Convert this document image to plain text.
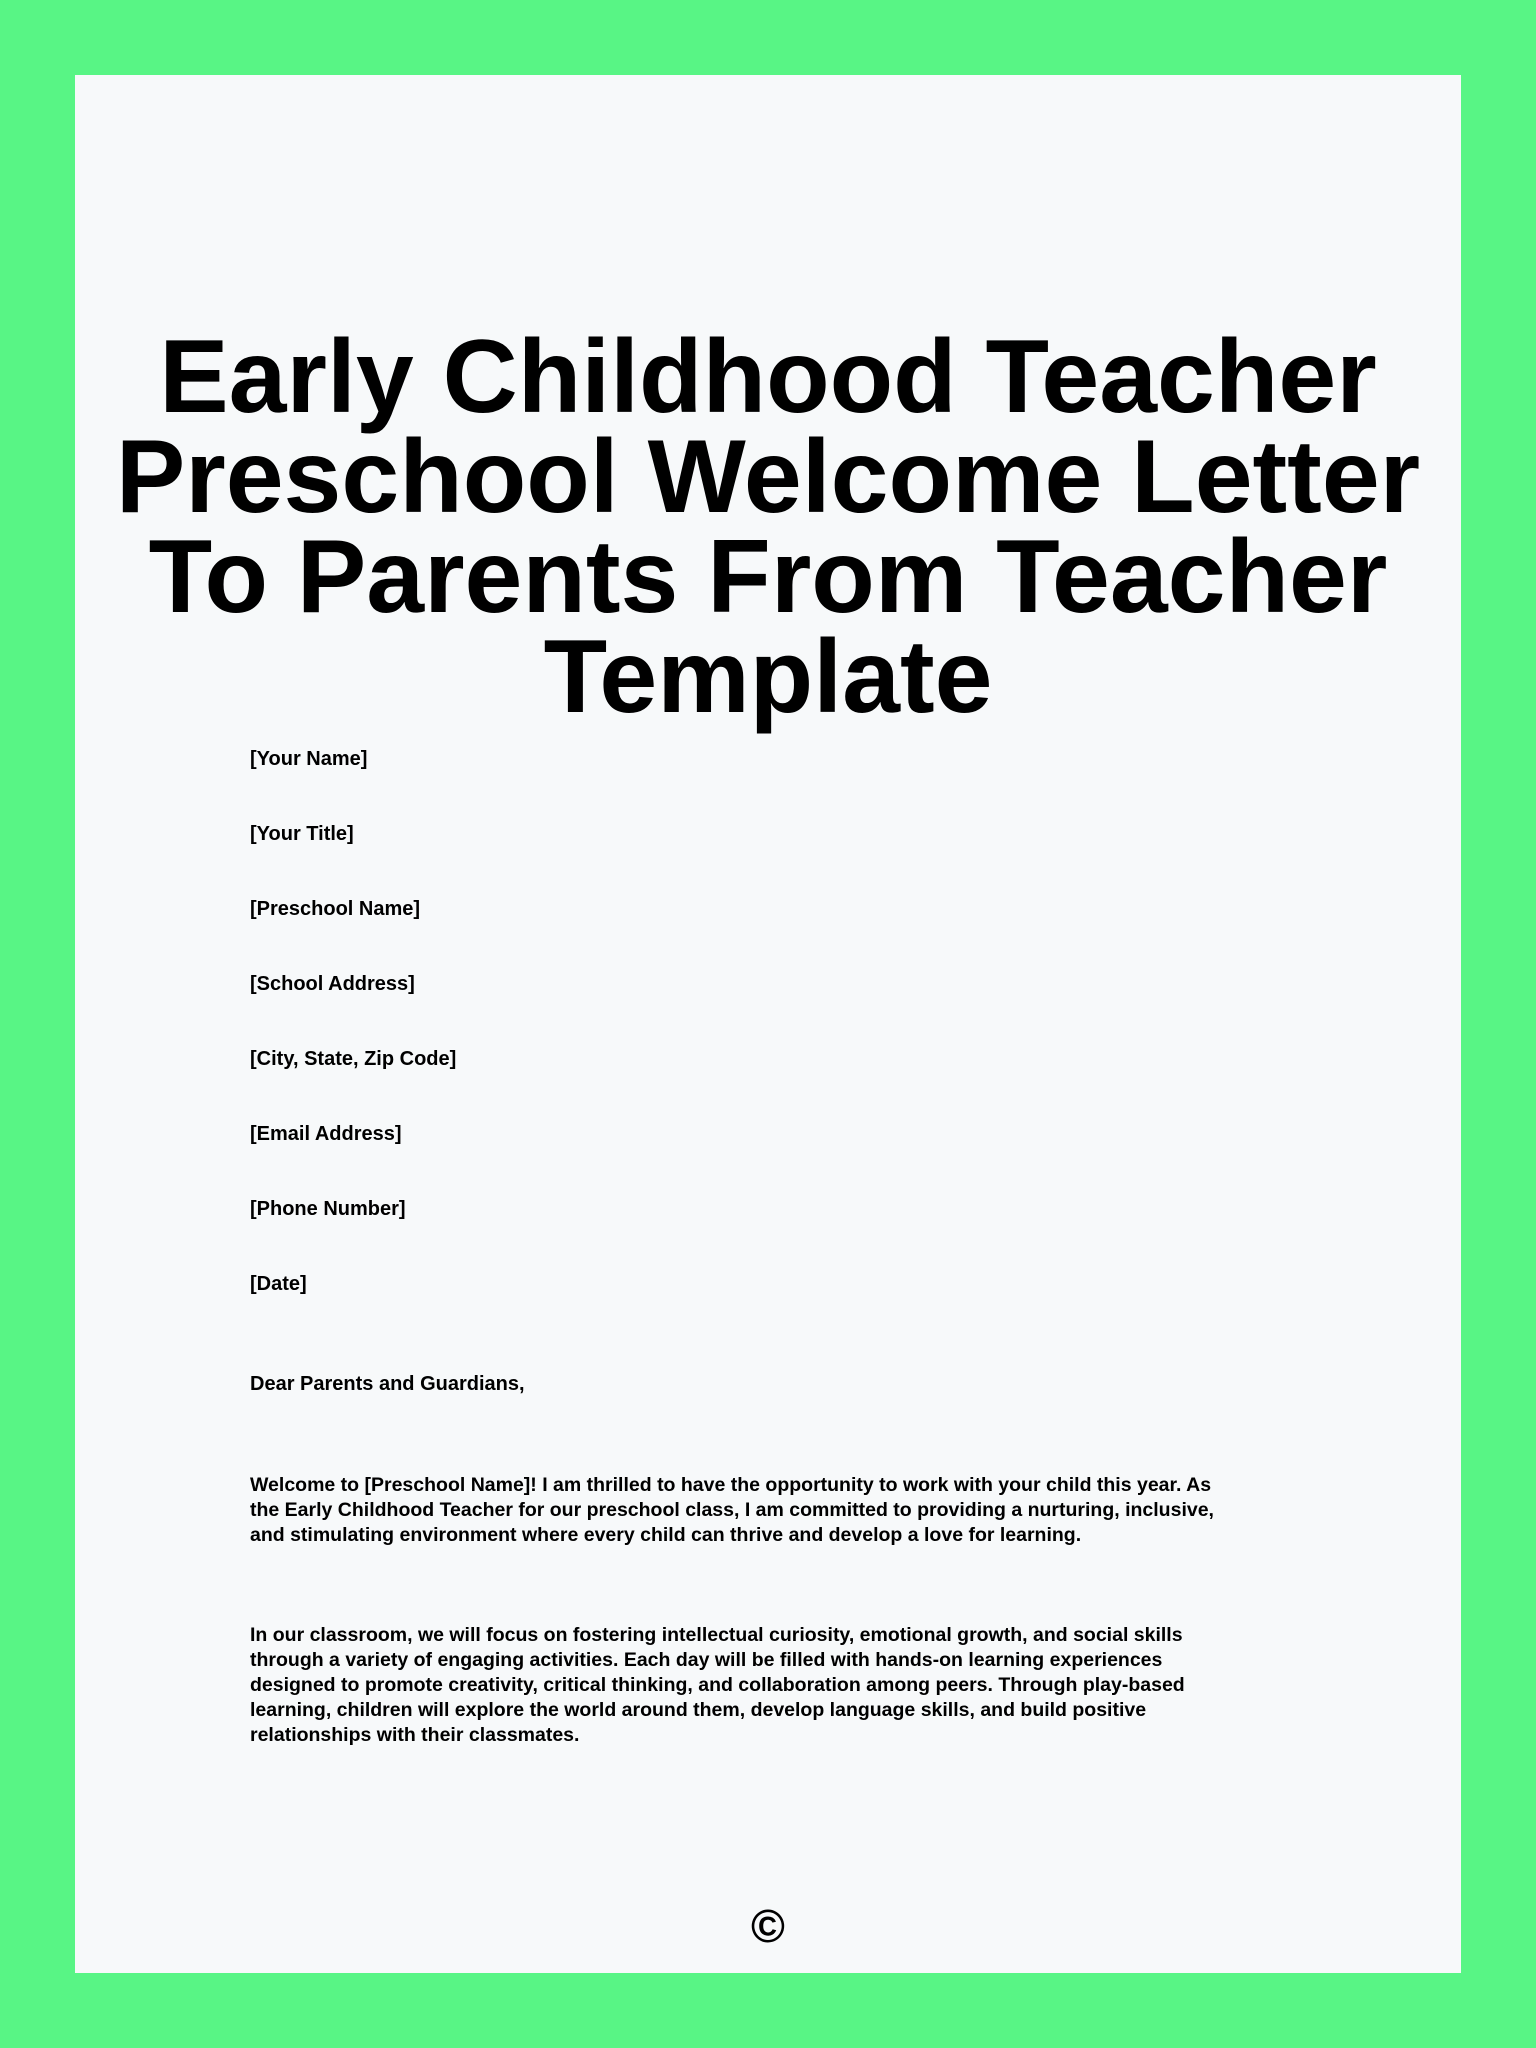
Early Childhood Teacher
Preschool Welcome Letter
To Parents From Teacher
Template
[Your Name]
[Your Title]
[Preschool Name]
[School Address]
[City, State, Zip Code]
[Email Address]
[Phone Number]
[Date]
Dear Parents and Guardians,
Welcome to [Preschool Name]! I am thrilled to have the opportunity to work with your child this year. As
the Early Childhood Teacher for our preschool class, I am committed to providing a nurturing, inclusive,
and stimulating environment where every child can thrive and develop a love for learning.
In our classroom, we will focus on fostering intellectual curiosity, emotional growth, and social skills
through a variety of engaging activities. Each day will be filled with hands-on learning experiences
designed to promote creativity, critical thinking, and collaboration among peers. Through play-based
learning, children will explore the world around them, develop language skills, and build positive
relationships with their classmates.
©
